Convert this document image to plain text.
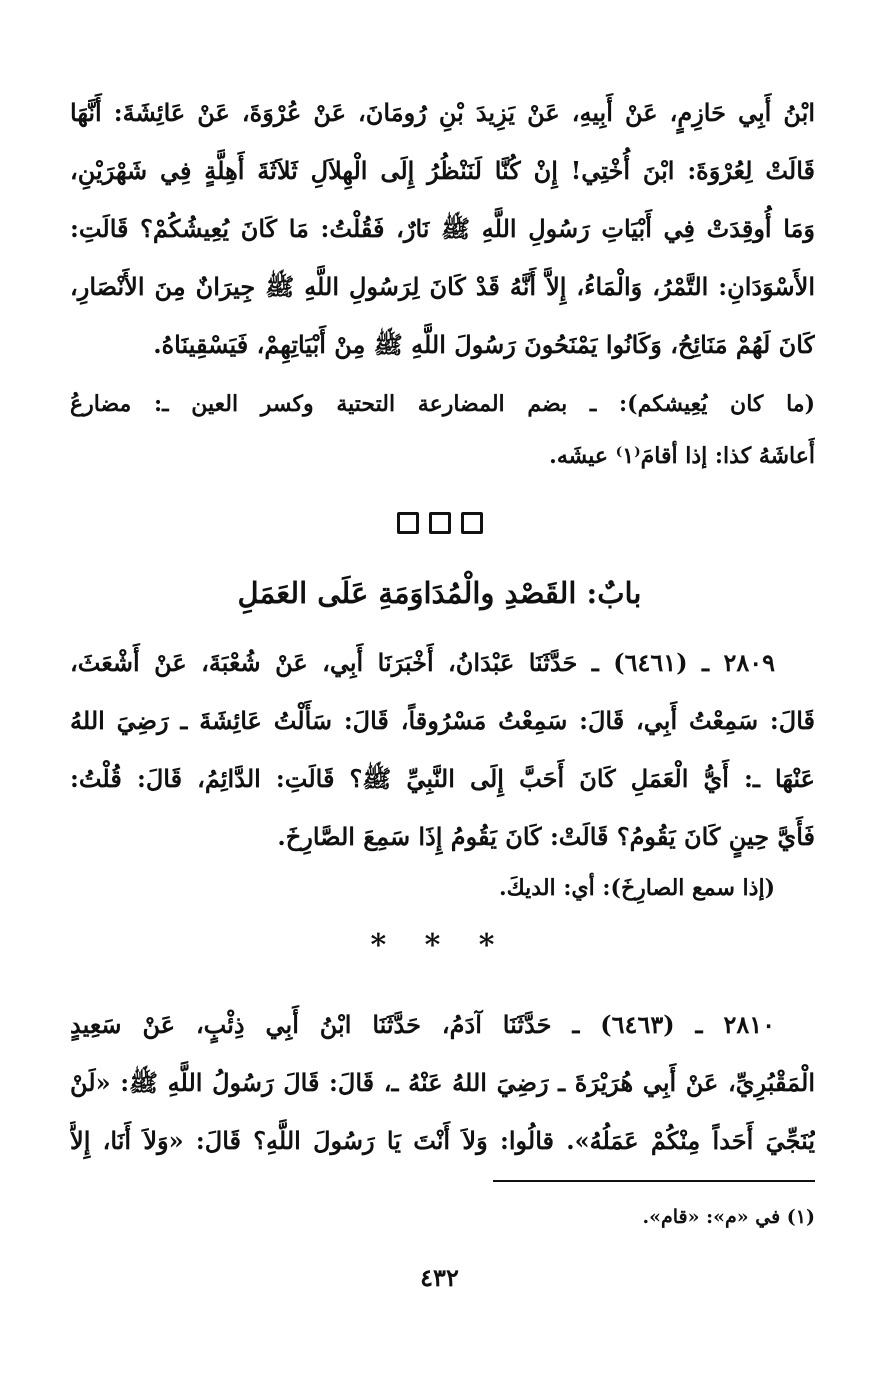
ابْنُ أَبِي حَازِمٍ، عَنْ أَبِيهِ، عَنْ يَزِيدَ بْنِ رُومَانَ، عَنْ عُرْوَةَ، عَنْ عَائِشَةَ: أَنَّهَا
قَالَتْ لِعُرْوَةَ: ابْنَ أُخْتِي! إِنْ كُنَّا لَنَنْظُرُ إِلَى الْهِلاَلِ ثَلاَثَةَ أَهِلَّةٍ فِي شَهْرَيْنِ،
وَمَا أُوقِدَتْ فِي أَبْيَاتِ رَسُولِ اللَّهِ ﷺ نَارٌ، فَقُلْتُ: مَا كَانَ يُعِيشُكُمْ؟ قَالَتِ:
الأَسْوَدَانِ: التَّمْرُ، وَالْمَاءُ، إِلاَّ أَنَّهُ قَدْ كَانَ لِرَسُولِ اللَّهِ ﷺ جِيرَانٌ مِنَ الأَنْصَارِ،
كَانَ لَهُمْ مَنَائِحُ، وَكَانُوا يَمْنَحُونَ رَسُولَ اللَّهِ ﷺ مِنْ أَبْيَاتِهِمْ، فَيَسْقِينَاهُ.
(ما كان يُعِيشكم): ـ بضم المضارعة التحتية وكسر العين ـ: مضارعُ
أَعاشَهُ كذا: إذا أقامَ⁽١⁾ عيشَه.
بابٌ: القَصْدِ والْمُدَاوَمَةِ عَلَى العَمَلِ
٢٨٠٩ ـ (٦٤٦١) ـ حَدَّثَنَا عَبْدَانُ، أَخْبَرَنَا أَبِي، عَنْ شُعْبَةَ، عَنْ أَشْعَثَ،
قَالَ: سَمِعْتُ أَبِي، قَالَ: سَمِعْتُ مَسْرُوقاً، قَالَ: سَأَلْتُ عَائِشَةَ ـ رَضِيَ اللهُ
عَنْهَا ـ: أَيُّ الْعَمَلِ كَانَ أَحَبَّ إِلَى النَّبِيِّ ﷺ؟ قَالَتِ: الدَّائِمُ، قَالَ: قُلْتُ:
فَأَيَّ حِينٍ كَانَ يَقُومُ؟ قَالَتْ: كَانَ يَقُومُ إِذَا سَمِعَ الصَّارِخَ.
(إذا سمع الصارِخَ): أي: الديكَ.
* * *
٢٨١٠ ـ (٦٤٦٣) ـ حَدَّثَنَا آدَمُ، حَدَّثَنَا ابْنُ أَبِي ذِئْبٍ، عَنْ سَعِيدٍ
الْمَقْبُرِيِّ، عَنْ أَبِي هُرَيْرَةَ ـ رَضِيَ اللهُ عَنْهُ ـ، قَالَ: قَالَ رَسُولُ اللَّهِ ﷺ: «لَنْ
يُنَجِّيَ أَحَداً مِنْكُمْ عَمَلُهُ». قالُوا: وَلاَ أَنْتَ يَا رَسُولَ اللَّهِ؟ قَالَ: «وَلاَ أَنَا، إِلاَّ
(١) في «م»: «قام».
٤٣٢
